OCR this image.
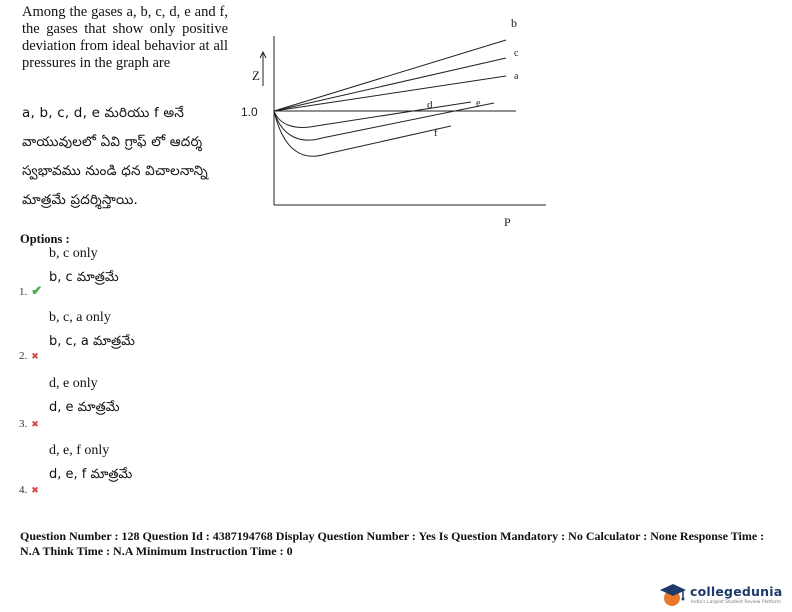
Among the gases a, b, c, d, e and f, the gases that show only positive deviation from ideal behavior at all pressures in the graph are
a, b, c, d, e మరియు f అనే
వాయువులలో ఏవి గ్రాఫ్ లో ఆదర్శ
స్వభావము నుండి ధన విచాలనాన్ని
మాత్రమే ప్రదర్శిస్తాయి.
Z
1.0
P
b
c
a
d	e
f
Options :
b, c only
b, c మాత్రమే
1. ✔
b, c, a only
b, c, a మాత్రమే
2. ✖
d, e only
d, e మాత్రమే
3. ✖
d, e, f only
d, e, f మాత్రమే
4. ✖
Question Number : 128 Question Id : 4387194768 Display Question Number : Yes Is Question Mandatory : No Calculator : None Response Time :
N.A Think Time : N.A Minimum Instruction Time : 0
collegedunia
India's Largest Student Review Platform
